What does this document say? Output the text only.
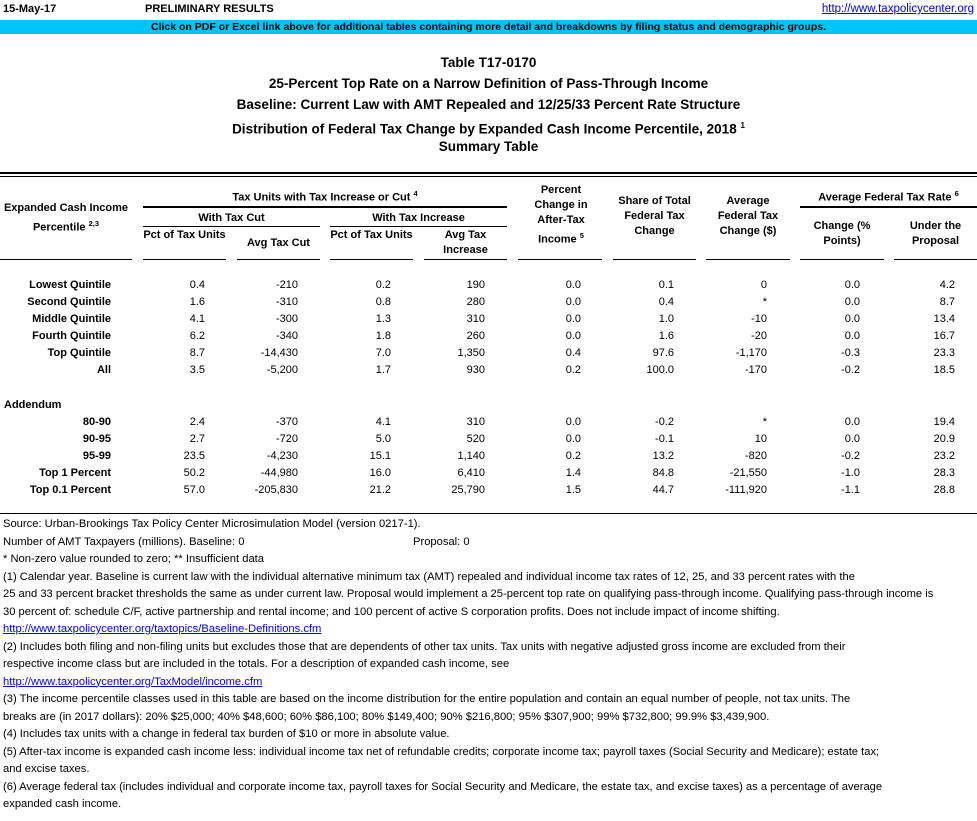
15-May-17	PRELIMINARY RESULTS	http://www.taxpolicycenter.org
Click on PDF or Excel link above for additional tables containing more detail and breakdowns by filing status and demographic groups.
Table T17-0170
25-Percent Top Rate on a Narrow Definition of Pass-Through Income
Baseline: Current Law with AMT Repealed and 12/25/33 Percent Rate Structure
Distribution of Federal Tax Change by Expanded Cash Income Percentile, 2018 $^1$
Summary Table
Expanded Cash Income Percentile $^{2,3}$
Tax Units with Tax Increase or Cut $^4$
With Tax Cut	With Tax Increase
Pct of Tax Units
Avg Tax Cut
Pct of Tax Units	Avg Tax Increase
Percent Change in After-Tax Income $^5$
Share of Total Federal Tax Change
Average Federal Tax Change ($)
Average Federal Tax Rate $^6$
Change (% Points)
Under the Proposal
Lowest Quintile	0.4	-210	0.2	190	0.0	0.1	0	0.0	4.2
Second Quintile	1.6	-310	0.8	280	0.0	0.4	*	0.0	8.7
Middle Quintile	4.1	-300	1.3	310	0.0	1.0	-10	0.0	13.4
Fourth Quintile	6.2	-340	1.8	260	0.0	1.6	-20	0.0	16.7
Top Quintile	8.7	-14,430	7.0	1,350	0.4	97.6	-1,170	-0.3	23.3
All	3.5	-5,200	1.7	930	0.2	100.0	-170	-0.2	18.5
Addendum
80-90	2.4	-370	4.1	310	0.0	-0.2	*	0.0	19.4
90-95	2.7	-720	5.0	520	0.0	-0.1	10	0.0	20.9
95-99	23.5	-4,230	15.1	1,140	0.2	13.2	-820	-0.2	23.2
Top 1 Percent	50.2	-44,980	16.0	6,410	1.4	84.8	-21,550	-1.0	28.3
Top 0.1 Percent	57.0	-205,830	21.2	25,790	1.5	44.7	-111,920	-1.1	28.8
Source: Urban-Brookings Tax Policy Center Microsimulation Model (version 0217-1).
Number of AMT Taxpayers (millions). Baseline: 0	Proposal: 0
* Non-zero value rounded to zero; ** Insufficient data
(1) Calendar year. Baseline is current law with the individual alternative minimum tax (AMT) repealed and individual income tax rates of 12, 25, and 33 percent rates with the
25 and 33 percent bracket thresholds the same as under current law. Proposal would implement a 25-percent top rate on qualifying pass-through income. Qualifying pass-through income is
30 percent of: schedule C/F, active partnership and rental income; and 100 percent of active S corporation profits. Does not include impact of income shifting.
http://www.taxpolicycenter.org/taxtopics/Baseline-Definitions.cfm
(2) Includes both filing and non-filing units but excludes those that are dependents of other tax units. Tax units with negative adjusted gross income are excluded from their
respective income class but are included in the totals. For a description of expanded cash income, see
http://www.taxpolicycenter.org/TaxModel/income.cfm
(3) The income percentile classes used in this table are based on the income distribution for the entire population and contain an equal number of people, not tax units. The
breaks are (in 2017 dollars): 20% $25,000; 40% $48,600; 60% $86,100; 80% $149,400; 90% $216,800; 95% $307,900; 99% $732,800; 99.9% $3,439,900.
(4) Includes tax units with a change in federal tax burden of $10 or more in absolute value.
(5) After-tax income is expanded cash income less: individual income tax net of refundable credits; corporate income tax; payroll taxes (Social Security and Medicare); estate tax;
and excise taxes.
(6) Average federal tax (includes individual and corporate income tax, payroll taxes for Social Security and Medicare, the estate tax, and excise taxes) as a percentage of average
expanded cash income.
